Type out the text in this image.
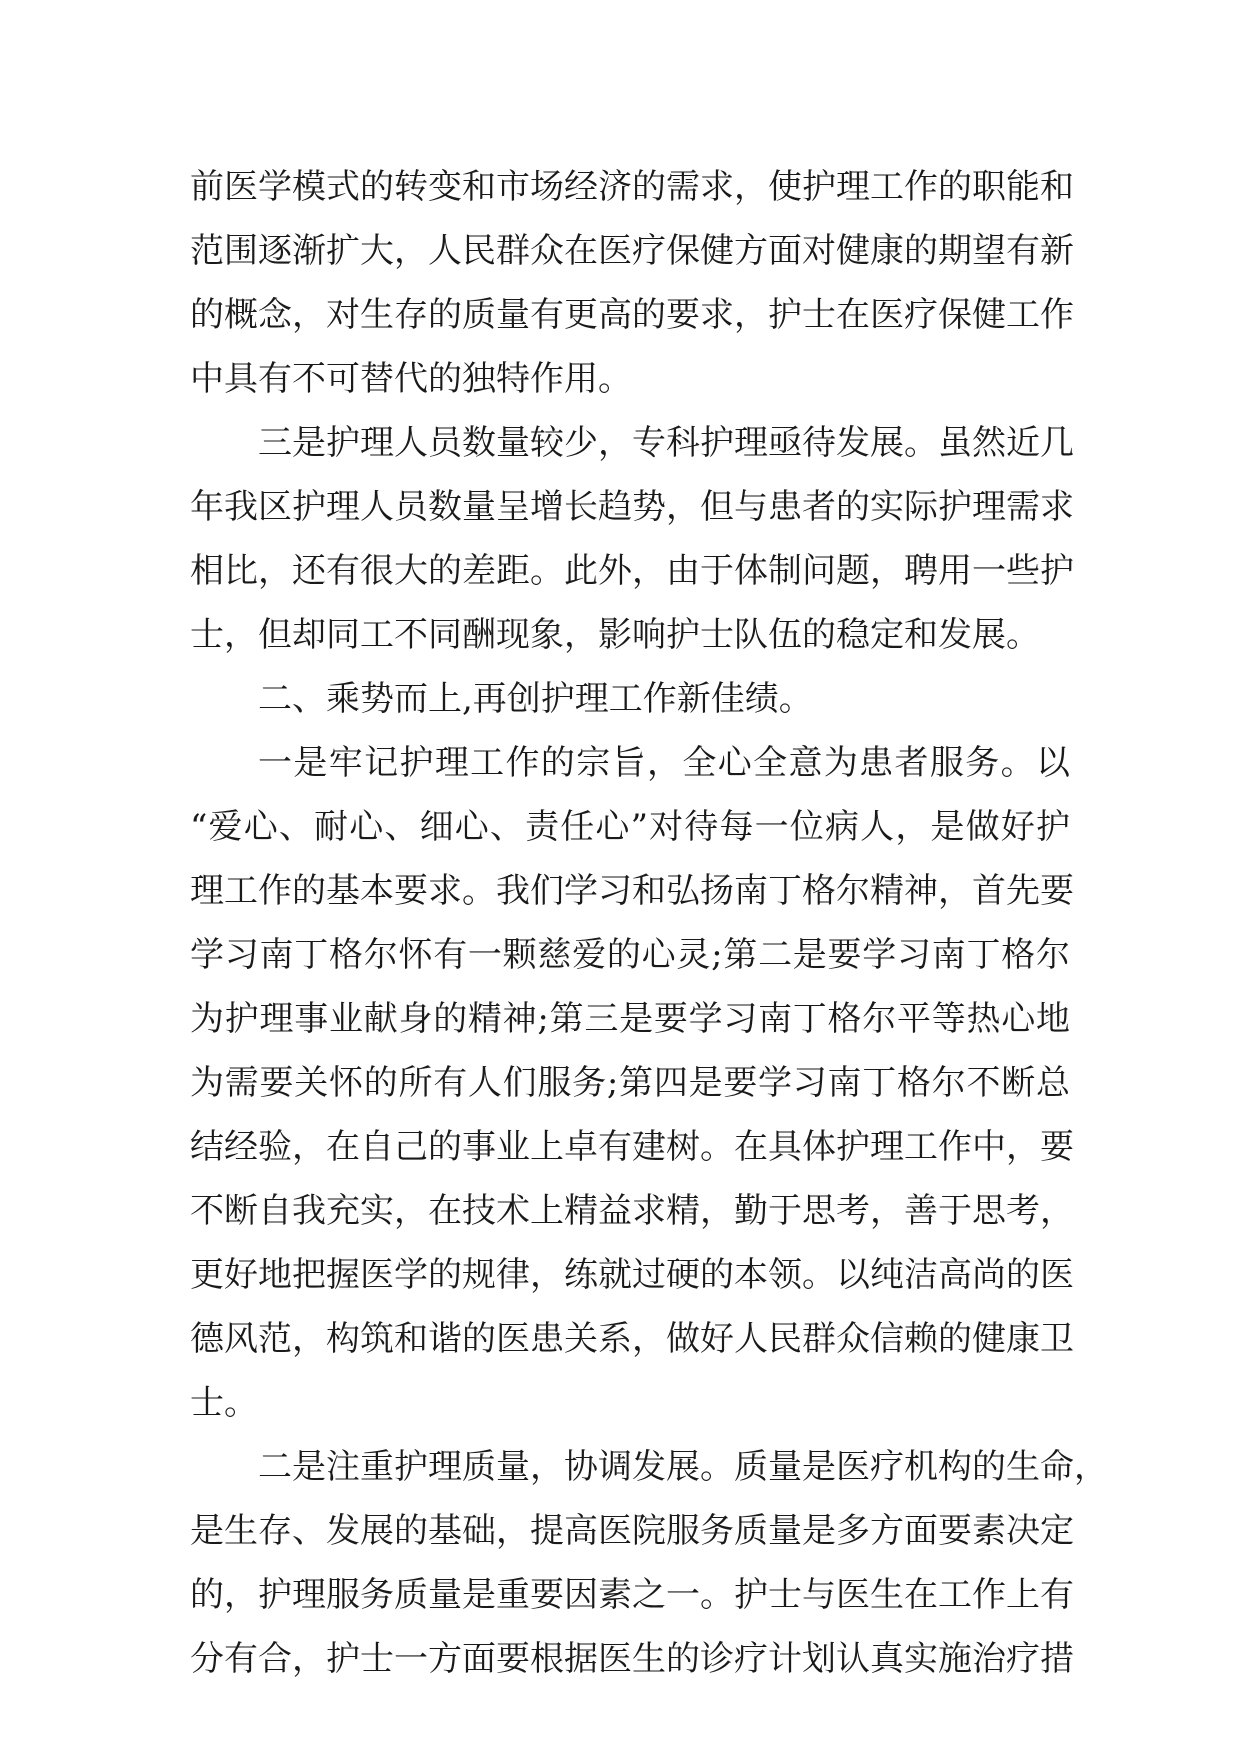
前医学模式的转变和市场经济的需求，使护理工作的职能和
范围逐渐扩大，人民群众在医疗保健方面对健康的期望有新
的概念，对生存的质量有更高的要求，护士在医疗保健工作
中具有不可替代的独特作用。
三是护理人员数量较少，专科护理亟待发展。虽然近几
年我区护理人员数量呈增长趋势，但与患者的实际护理需求
相比，还有很大的差距。此外，由于体制问题，聘用一些护
士，但却同工不同酬现象，影响护士队伍的稳定和发展。
二、乘势而上,再创护理工作新佳绩。
一是牢记护理工作的宗旨，全心全意为患者服务。以
“爱心、耐心、细心、责任心”对待每一位病人，是做好护
理工作的基本要求。我们学习和弘扬南丁格尔精神，首先要
学习南丁格尔怀有一颗慈爱的心灵;第二是要学习南丁格尔
为护理事业献身的精神;第三是要学习南丁格尔平等热心地
为需要关怀的所有人们服务;第四是要学习南丁格尔不断总
结经验，在自己的事业上卓有建树。在具体护理工作中，要
不断自我充实，在技术上精益求精，勤于思考，善于思考，
更好地把握医学的规律，练就过硬的本领。以纯洁高尚的医
德风范，构筑和谐的医患关系，做好人民群众信赖的健康卫
士。
二是注重护理质量，协调发展。质量是医疗机构的生命，
是生存、发展的基础，提高医院服务质量是多方面要素决定
的，护理服务质量是重要因素之一。护士与医生在工作上有
分有合，护士一方面要根据医生的诊疗计划认真实施治疗措
